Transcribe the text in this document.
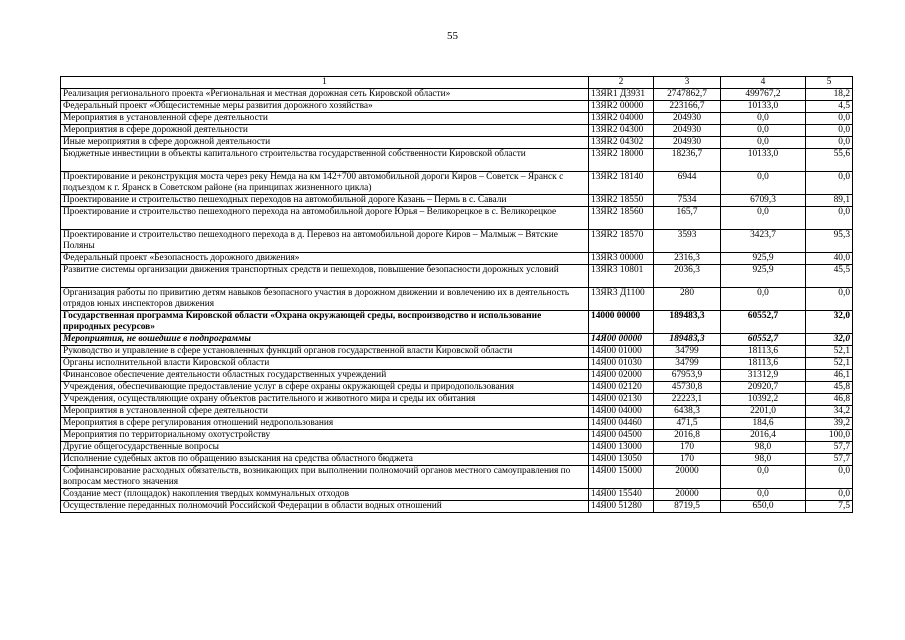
55
1	2	3	4	5
Реализация регионального проекта «Региональная и местная дорожная сеть Кировской области»	13ЯR1 Д3931	2747862,7	499767,2	18,2
Федеральный проект «Общесистемные меры развития дорожного хозяйства»	13ЯR2 00000	223166,7	10133,0	4,5
Мероприятия в установленной сфере деятельности	13ЯR2 04000	204930	0,0	0,0
Мероприятия в сфере дорожной деятельности	13ЯR2 04300	204930	0,0	0,0
Иные мероприятия в сфере дорожной деятельности	13ЯR2 04302	204930	0,0	0,0
Бюджетные инвестиции в объекты капитального строительства государственной собственности Кировской области	13ЯR2 18000	18236,7	10133,0	55,6
Проектирование и реконструкция моста через реку Немда на км 142+700 автомобильной дороги Киров – Советск – Яранск с подъездом к г. Яранск в Советском районе (на принципах жизненного цикла)	13ЯR2 18140	6944	0,0	0,0
Проектирование и строительство пешеходных переходов на автомобильной дороге Казань – Пермь в с. Савали	13ЯR2 18550	7534	6709,3	89,1
Проектирование и строительство пешеходного перехода на автомобильной дороге Юрья – Великорецкое в с. Великорецкое	13ЯR2 18560	165,7	0,0	0,0
Проектирование и строительство пешеходного перехода в д. Перевоз на автомобильной дороге Киров – Малмыж – Вятские Поляны	13ЯR2 18570	3593	3423,7	95,3
Федеральный проект «Безопасность дорожного движения»	13ЯR3 00000	2316,3	925,9	40,0
Развитие системы организации движения транспортных средств и пешеходов, повышение безопасности дорожных условий	13ЯR3 10801	2036,3	925,9	45,5
Организация работы по привитию детям навыков безопасного участия в дорожном движении и вовлечению их в деятельность отрядов юных инспекторов движения	13ЯR3 Д1100	280	0,0	0,0
Государственная программа Кировской области «Охрана окружающей среды, воспроизводство и использование природных ресурсов»	14000 00000	189483,3	60552,7	32,0
Мероприятия, не вошедшие в подпрограммы	14Я00 00000	189483,3	60552,7	32,0
Руководство и управление в сфере установленных функций органов государственной власти Кировской области	14Я00 01000	34799	18113,6	52,1
Органы исполнительной власти Кировской области	14Я00 01030	34799	18113,6	52,1
Финансовое обеспечение деятельности областных государственных учреждений	14Я00 02000	67953,9	31312,9	46,1
Учреждения, обеспечивающие предоставление услуг в сфере охраны окружающей среды и природопользования	14Я00 02120	45730,8	20920,7	45,8
Учреждения, осуществляющие охрану объектов растительного и животного мира и среды их обитания	14Я00 02130	22223,1	10392,2	46,8
Мероприятия в установленной сфере деятельности	14Я00 04000	6438,3	2201,0	34,2
Мероприятия в сфере регулирования отношений недропользования	14Я00 04460	471,5	184,6	39,2
Мероприятия по территориальному охотустройству	14Я00 04500	2016,8	2016,4	100,0
Другие общегосударственные вопросы	14Я00 13000	170	98,0	57,7
Исполнение судебных актов по обращению взыскания на средства областного бюджета	14Я00 13050	170	98,0	57,7
Софинансирование расходных обязательств, возникающих при выполнении полномочий органов местного самоуправления по вопросам местного значения	14Я00 15000	20000	0,0	0,0
Создание мест (площадок) накопления твердых коммунальных отходов	14Я00 15540	20000	0,0	0,0
Осуществление переданных полномочий Российской Федерации в области водных отношений	14Я00 51280	8719,5	650,0	7,5
